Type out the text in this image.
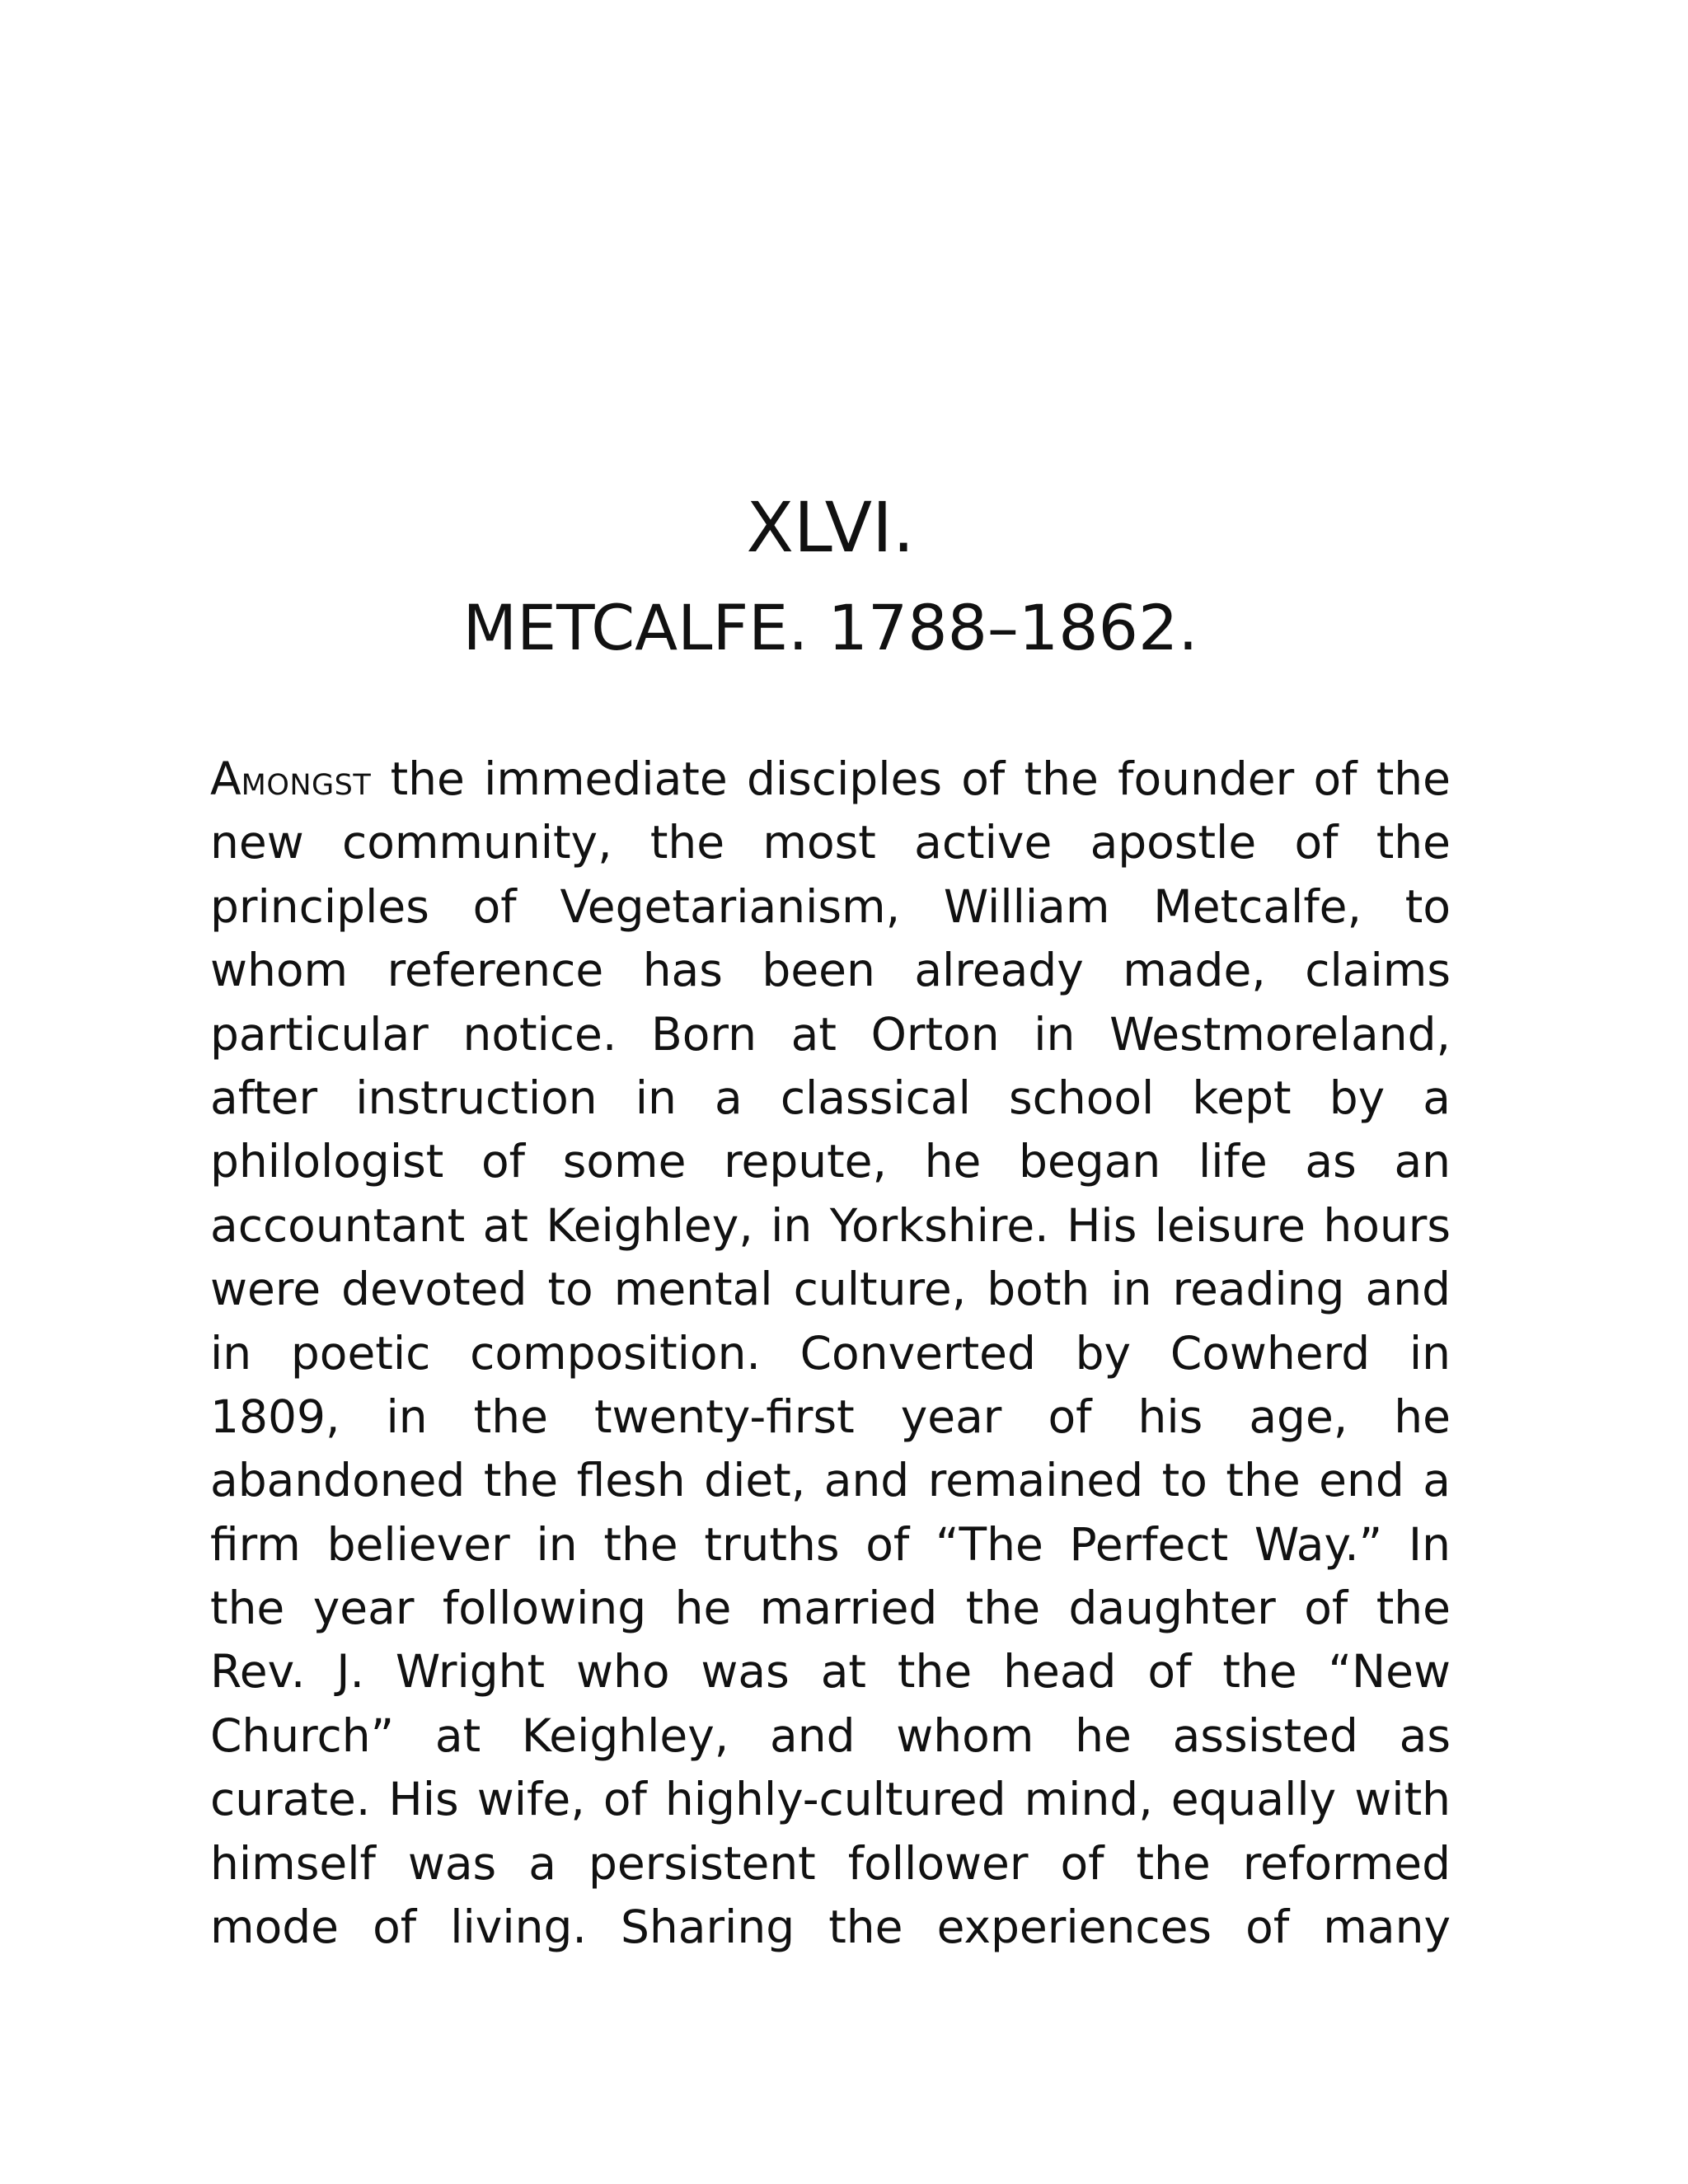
XLVI.
METCALFE. 1788–1862.
AMONGST the immediate disciples of the founder of the
new community, the most active apostle of the
principles of Vegetarianism, William Metcalfe, to
whom reference has been already made, claims
particular notice. Born at Orton in Westmoreland,
after instruction in a classical school kept by a
philologist of some repute, he began life as an
accountant at Keighley, in Yorkshire. His leisure hours
were devoted to mental culture, both in reading and
in poetic composition. Converted by Cowherd in
1809, in the twenty-first year of his age, he
abandoned the flesh diet, and remained to the end a
firm believer in the truths of “The Perfect Way.” In
the year following he married the daughter of the
Rev. J. Wright who was at the head of the “New
Church” at Keighley, and whom he assisted as
curate. His wife, of highly-cultured mind, equally with
himself was a persistent follower of the reformed
mode of living. Sharing the experiences of many
